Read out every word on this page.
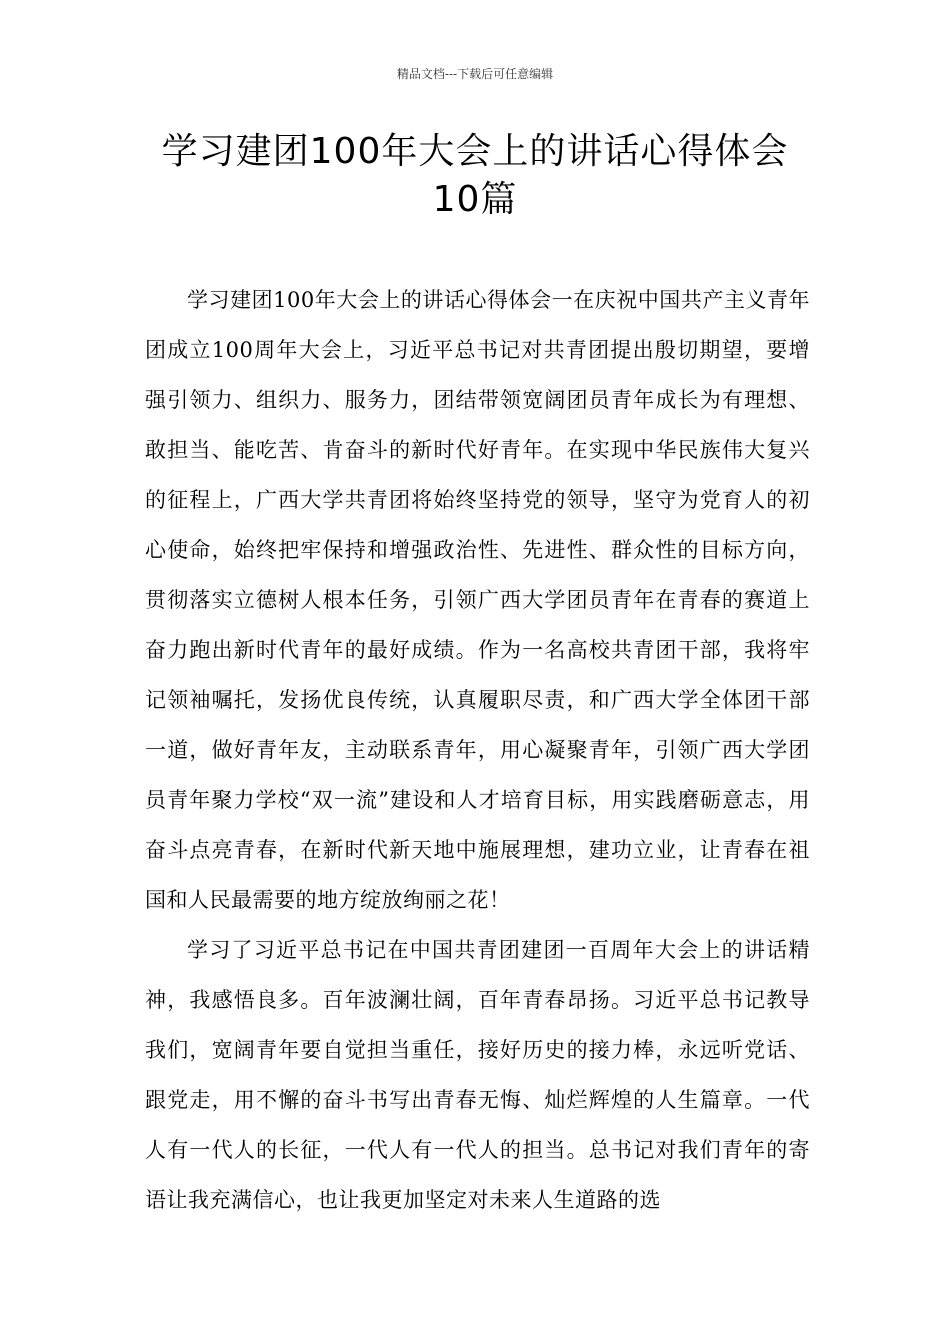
精品文档---下载后可任意编辑
学习建团100年大会上的讲话心得体会
10篇

学习建团100年大会上的讲话心得体会一在庆祝中国共产主义青年团成立100周年大会上，习近平总书记对共青团提出殷切期望，要增强引领力、组织力、服务力，团结带领宽阔团员青年成长为有理想、敢担当、能吃苦、肯奋斗的新时代好青年。在实现中华民族伟大复兴的征程上，广西大学共青团将始终坚持党的领导，坚守为党育人的初心使命，始终把牢保持和增强政治性、先进性、群众性的目标方向，贯彻落实立德树人根本任务，引领广西大学团员青年在青春的赛道上奋力跑出新时代青年的最好成绩。作为一名高校共青团干部，我将牢记领袖嘱托，发扬优良传统，认真履职尽责，和广西大学全体团干部一道，做好青年友，主动联系青年，用心凝聚青年，引领广西大学团员青年聚力学校“双一流”建设和人才培育目标，用实践磨砺意志，用奋斗点亮青春，在新时代新天地中施展理想，建功立业，让青春在祖国和人民最需要的地方绽放绚丽之花！

学习了习近平总书记在中国共青团建团一百周年大会上的讲话精神，我感悟良多。百年波澜壮阔，百年青春昂扬。习近平总书记教导我们，宽阔青年要自觉担当重任，接好历史的接力棒，永远听党话、跟党走，用不懈的奋斗书写出青春无悔、灿烂辉煌的人生篇章。一代人有一代人的长征，一代人有一代人的担当。总书记对我们青年的寄语让我充满信心，也让我更加坚定对未来人生道路的选
